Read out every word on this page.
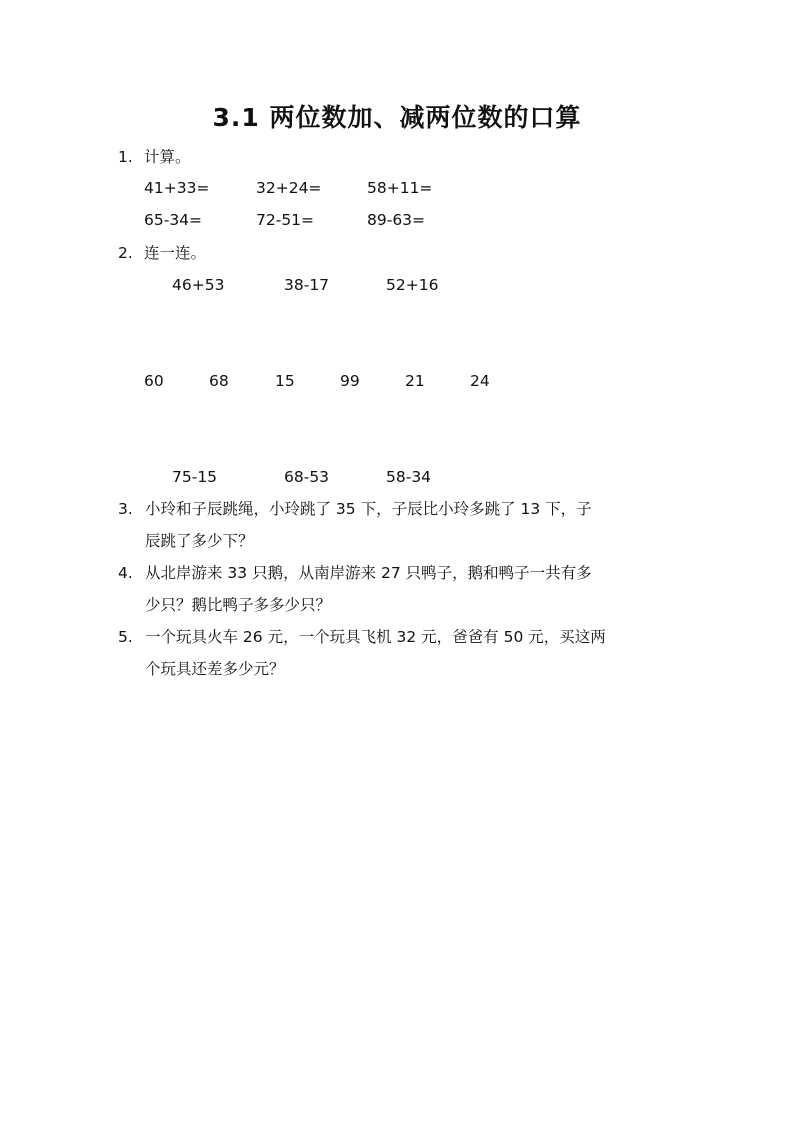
3.1 两位数加、减两位数的口算
1. 计算。
41+33=	32+24=	58+11=
65-34=	72-51=	89-63=
2. 连一连。
46+53	38-17	52+16
60	68	15	99	21	24
75-15	68-53	58-34
3. 小玲和子辰跳绳，小玲跳了 35 下，子辰比小玲多跳了 13 下，子
辰跳了多少下？
4. 从北岸游来 33 只鹅，从南岸游来 27 只鸭子，鹅和鸭子一共有多
少只？鹅比鸭子多多少只？
5. 一个玩具火车 26 元，一个玩具飞机 32 元，爸爸有 50 元，买这两
个玩具还差多少元？
